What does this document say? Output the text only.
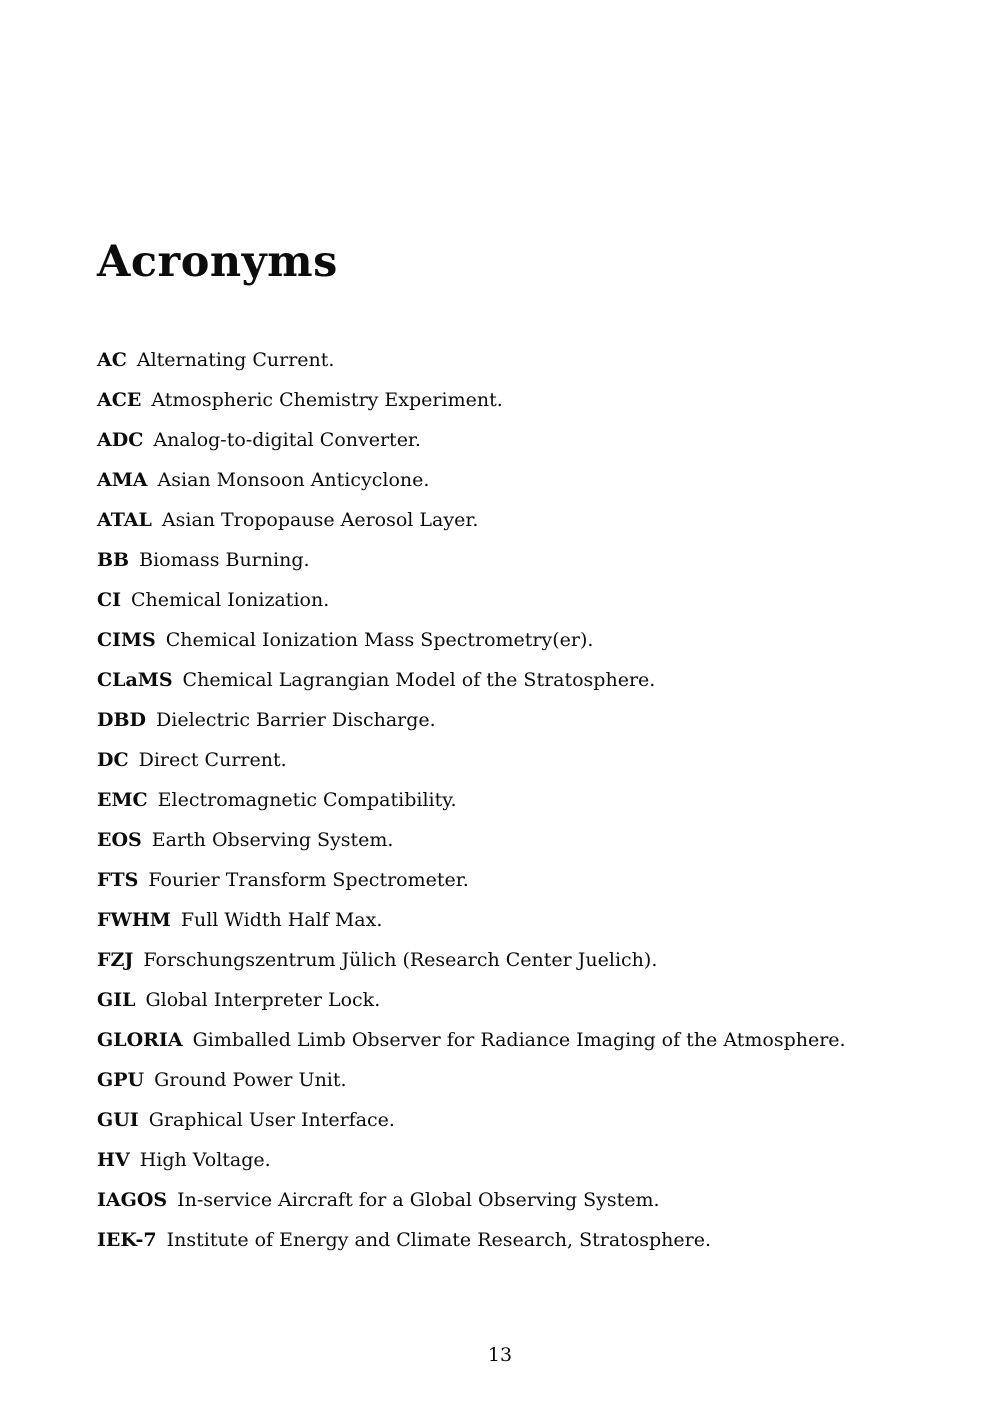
Acronyms

AC Alternating Current.

ACE Atmospheric Chemistry Experiment.

ADC Analog-to-digital Converter.

AMA Asian Monsoon Anticyclone.

ATAL Asian Tropopause Aerosol Layer.

BB Biomass Burning.

CI Chemical Ionization.

CIMS Chemical Ionization Mass Spectrometry(er).

CLaMS Chemical Lagrangian Model of the Stratosphere.

DBD Dielectric Barrier Discharge.

DC Direct Current.

EMC Electromagnetic Compatibility.

EOS Earth Observing System.

FTS Fourier Transform Spectrometer.

FWHM Full Width Half Max.

FZJ Forschungszentrum Jülich (Research Center Juelich).

GIL Global Interpreter Lock.

GLORIA Gimballed Limb Observer for Radiance Imaging of the Atmosphere.

GPU Ground Power Unit.

GUI Graphical User Interface.

HV High Voltage.

IAGOS In-service Aircraft for a Global Observing System.

IEK-7 Institute of Energy and Climate Research, Stratosphere.

13
